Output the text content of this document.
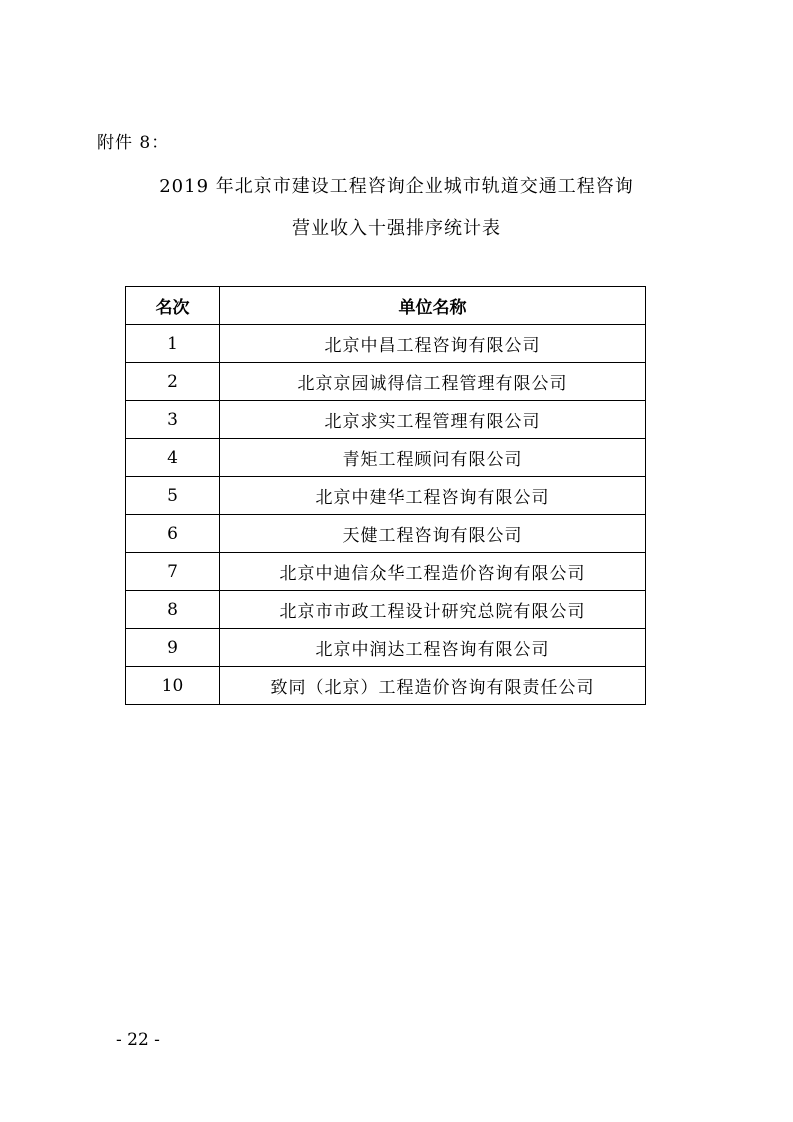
附件 8：
2019 年北京市建设工程咨询企业城市轨道交通工程咨询
营业收入十强排序统计表
名次	单位名称
1	北京中昌工程咨询有限公司
2	北京京园诚得信工程管理有限公司
3	北京求实工程管理有限公司
4	青矩工程顾问有限公司
5	北京中建华工程咨询有限公司
6	天健工程咨询有限公司
7	北京中迪信众华工程造价咨询有限公司
8	北京市市政工程设计研究总院有限公司
9	北京中润达工程咨询有限公司
10	致同（北京）工程造价咨询有限责任公司
- 22 -
